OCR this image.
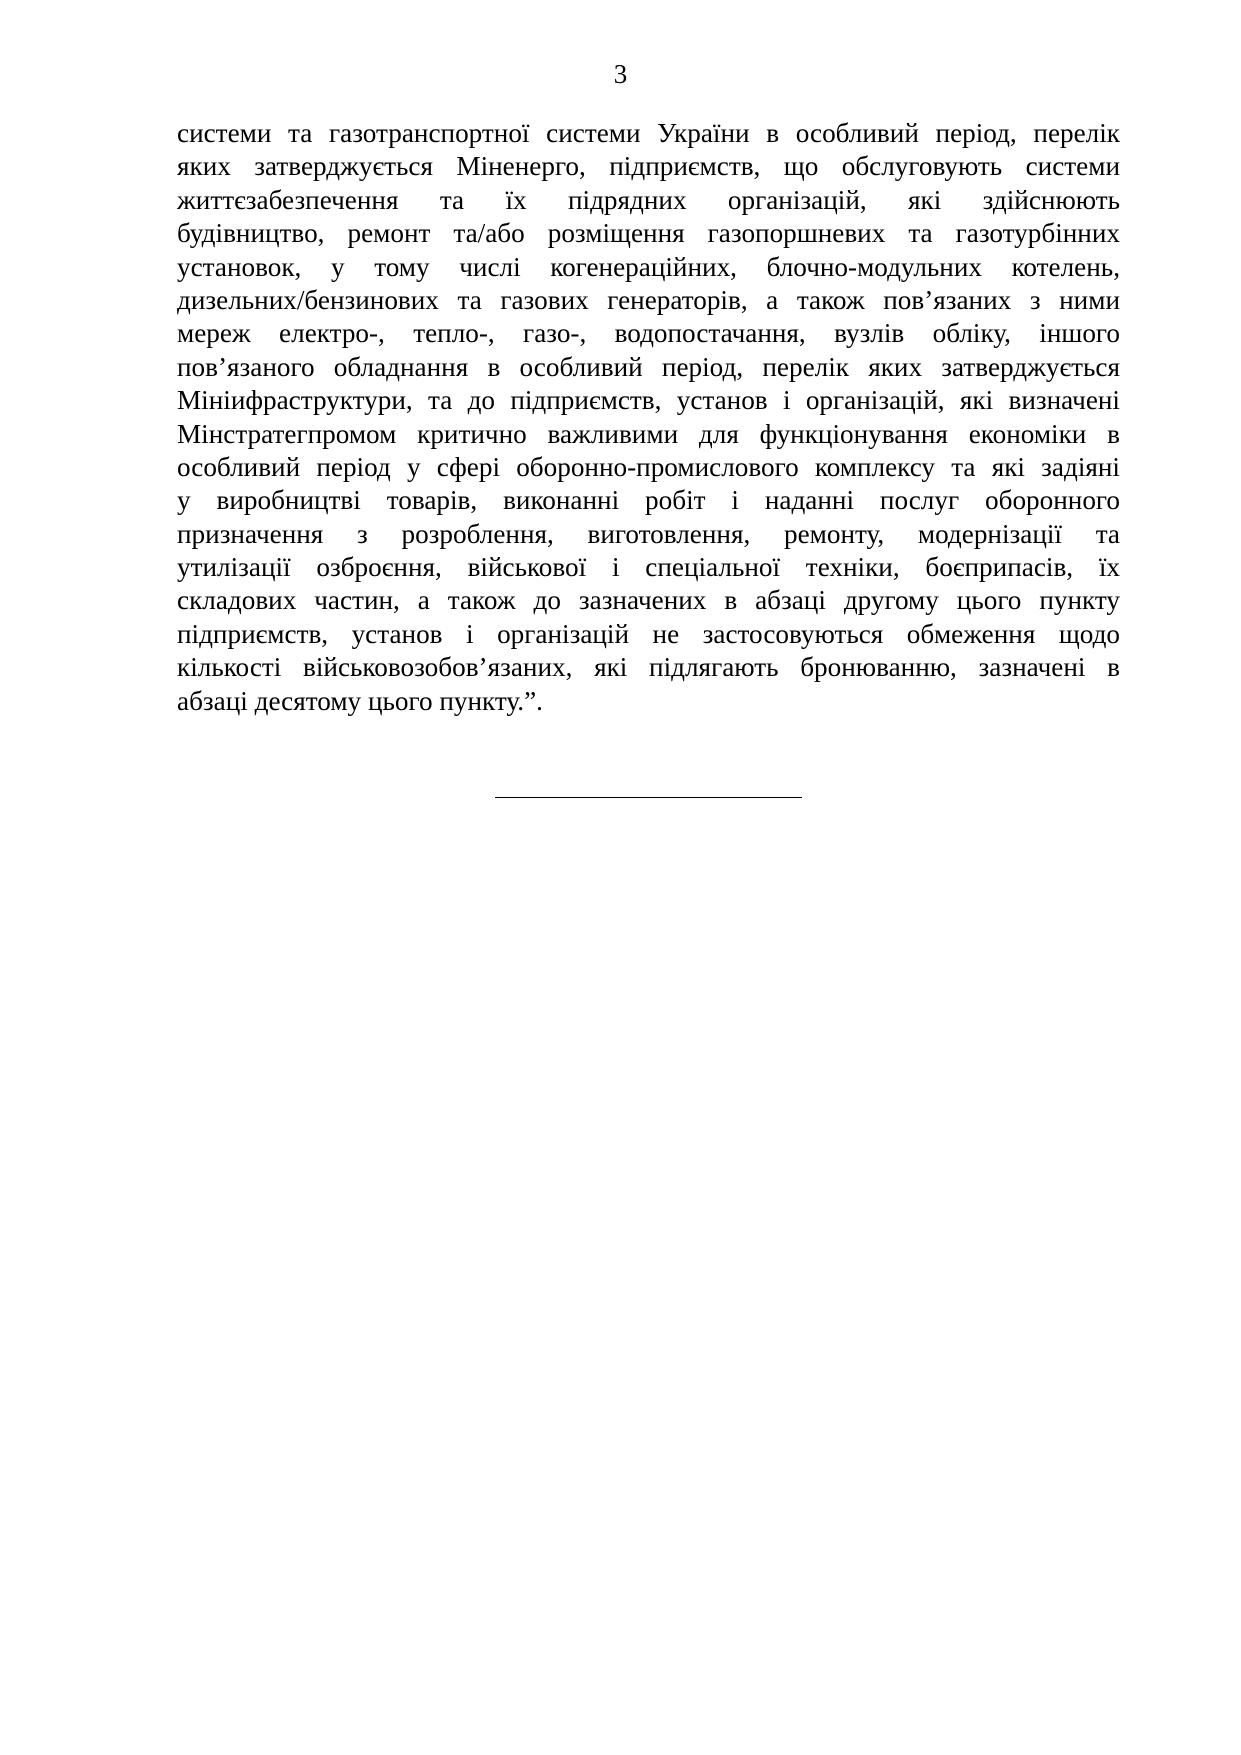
3
системи та газотранспортної системи України в особливий період, перелік
яких затверджується Міненерго, підприємств, що обслуговують системи
життєзабезпечення та їх підрядних організацій, які здійснюють
будівництво, ремонт та/або розміщення газопоршневих та газотурбінних
установок, у тому числі когенераційних, блочно-модульних котелень,
дизельних/бензинових та газових генераторів, а також пов’язаних з ними
мереж електро-, тепло-, газо-, водопостачання, вузлів обліку, іншого
пов’язаного обладнання в особливий період, перелік яких затверджується
Мініифраструктури, та до підприємств, установ і організацій, які визначені
Мінстратегпромом критично важливими для функціонування економіки в
особливий період у сфері оборонно-промислового комплексу та які задіяні
у виробництві товарів, виконанні робіт і наданні послуг оборонного
призначення з розроблення, виготовлення, ремонту, модернізації та
утилізації озброєння, військової і спеціальної техніки, боєприпасів, їх
складових частин, а також до зазначених в абзаці другому цього пункту
підприємств, установ і організацій не застосовуються обмеження щодо
кількості військовозобов’язаних, які підлягають бронюванню, зазначені в
абзаці десятому цього пункту.”.
